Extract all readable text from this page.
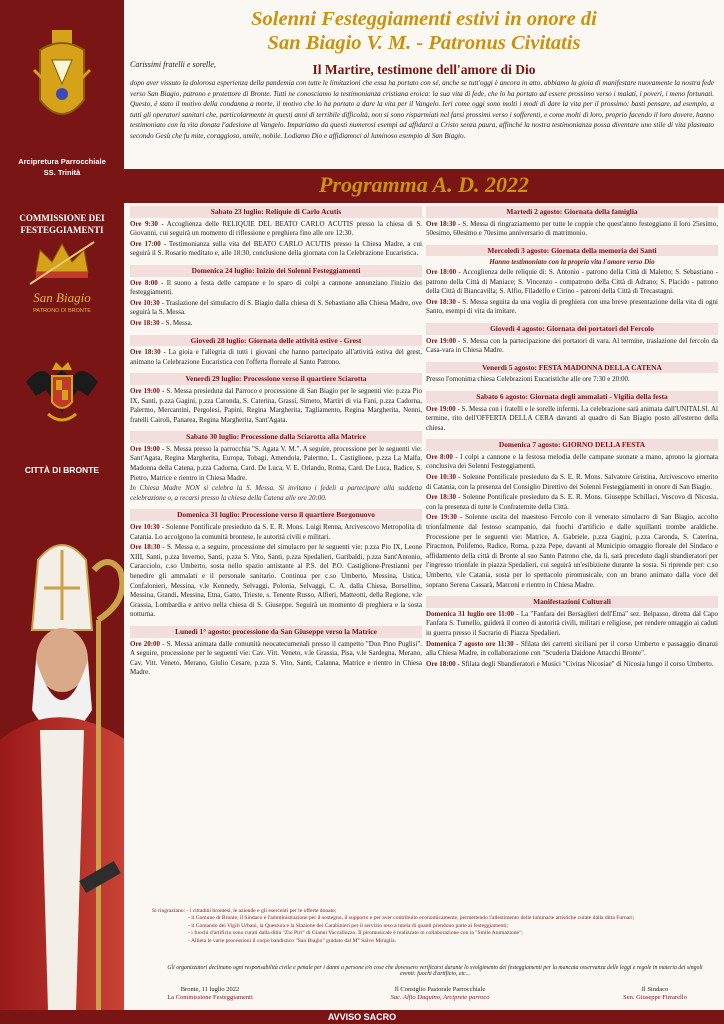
Arcipretura Parrocchiale
SS. Trinità
COMMISSIONE DEI
FESTEGGIAMENTI
San Biagio
PATRONO DI BRONTE
CITTÀ DI BRONTE
Solenni Festeggiamenti estivi in onore di
San Biagio V. M. - Patronus Civitatis
Carissimi fratelli e sorelle,	Il Martire, testimone dell'amore di Dio
dopo aver vissuto la dolorosa esperienza della pandemia con tutte le limitazioni che essa ha portato con sé, anche se tutt'oggi è ancora in atto, abbiamo la gioia di manifestare nuovamente la nostra fede verso San Biagio, patrono e protettore di Bronte. Tutti ne conosciamo la testimonianza cristiana eroica: la sua vita di fede, che lo ha portato ad essere prossimo verso i malati, i poveri, i meno fortunati. Questo, è stato il motivo della condanna a morte, il motivo che lo ha portato a dare la vita per il Vangelo. Ieri come oggi sono molti i modi di dare la vita per il prossimo: basti pensare, ad esempio, a tutti gli operatori sanitari che, particolarmente in questi anni di terribile difficoltà, non si sono risparmiati nel farsi prossimi verso i sofferenti, e come molti di loro, proprio facendo il loro dovere, hanno testimoniato con la vita donata l'adesione al Vangelo. Impariamo da questi numerosi esempi ad affidarci a Cristo senza paura, affinché la nostra testimonianza possa diventare uno stile di vita plasmato secondo Gesù che fu mite, coraggioso, umile, nobile. Lodiamo Dio e affidiamoci al luminoso esempio di San Biagio.
Programma A. D. 2022
Sabato 23 luglio: Reliquie di Carlo Acutis
Ore 9:30 - Accoglienza delle RELIQUIE DEL BEATO CARLO ACUTIS presso la chiesa di S. Giovanni, cui seguirà un momento di riflessione e preghiera fino alle ore 12:30.
Ore 17:00 - Testimonianza sulla vita del BEATO CARLO ACUTIS presso la Chiesa Madre, a cui seguirà il S. Rosario meditato e, alle 18:30, conclusione della giornata con la Celebrazione Eucaristica.
Domenica 24 luglio: Inizio dei Solenni Festeggiamenti
Ore 8:00 - Il suono a festa delle campane e lo sparo di colpi a cannone annunziano l'inizio dei festeggiamenti.
Ore 10:30 - Traslazione del simulacro di S. Biagio dalla chiesa di S. Sebastiano alla Chiesa Madre, ove seguirà la S. Messa.
Ore 18:30 - S. Messa.
Giovedì 28 luglio: Giornata delle attività estive - Grest
Ore 18:30 - La gioia e l'allegria di tutti i giovani che hanno partecipato all'attività estiva del grest, animano la Celebrazione Eucaristica con l'offerta floreale al Santo Patrono.
Venerdì 29 luglio: Processione verso il quartiere Sciarotta
Ore 19:00 - S. Messa presieduta dal Parroco e processione di San Biagio per le seguenti vie: p.zza Pio IX, Santi, p.zza Gagini, p.zza Caronda, S. Caterina, Grassi, Simeto, Martiri di via Fani, p.zza Cadorna, Palermo, Mercantini, Pergolesi, Papini, Regina Margherita, Tagliamento, Regina Margherita, Nenni, fratelli Cairoli, Panarea, Regina Margherita, Sant'Agata.
Sabato 30 luglio: Processione dalla Sciarotta alla Matrice
Ore 19:00 - S. Messa presso la parrocchia "S. Agata V. M.". A seguire, processione per le seguenti vie: Sant'Agata, Regina Margherita, Europa, Tobagi, Amendola, Palermo, L. Castiglione, p.zza La Malfa, Madonna della Catena, p.zza Cadorna, Card. De Luca, V. E. Orlando, Roma, Card. De Luca, Radice, S. Pietro, Matrice e rientro in Chiesa Madre.
In Chiesa Madre NON si celebra la S. Messa. Si invitano i fedeli a partecipare alla suddetta celebrazione o, a recarsi presso la chiesa della Catena alle ore 20:00.
Domenica 31 luglio: Processione verso il quartiere Borgonuovo
Ore 10:30 - Solenne Pontificale presieduto da S. E. R. Mons. Luigi Renna, Arcivescovo Metropolita di Catania. Lo accolgono la comunità brontese, le autorità civili e militari.
Ore 18:30 - S. Messa e, a seguire, processione del simulacro per le seguenti vie: p.zza Pio IX, Leone XIII, Santi, p.zza Inverno, Santi, p.zza S. Vito, Santi, p.zza Spedalieri, Garibaldi, p.zza Sant'Antonio, Caracciolo, c.so Umberto, sosta nello spazio antistante al P.S. del P.O. Castiglione-Prestianni per benedire gli ammalati e il personale sanitario. Continua per c.so Umberto, Messina, Ustica, Confalonieri, Messina, v.le Kennedy, Selvaggi, Polonia, Selvaggi, C. A. dalla Chiesa, Borsellino, Messina, Grandi, Messina, Etna, Gatto, Trieste, s. Tenente Russo, Alfieri, Matteotti, della Regione, v.le Grassia, Lombardia e arrivo nella chiesa di S. Giuseppe. Seguirà un momento di preghiera e la sosta notturna.
Lunedì 1° agosto: processione da San Giuseppe verso la Matrice
Ore 20:00 - S. Messa animata dalle comunità neocatecumenali presso il campetto "Don Pino Puglisi". A seguire, processione per le seguenti vie: Cav. Vitt. Veneto, v.le Grassia, Pisa, v.le Sardegna, Merano, Cav. Vitt. Veneto, Merano, Giulio Cesare, p.zza S. Vito, Santi, Calanna, Matrice e rientro in Chiesa Madre.
Martedì 2 agosto: Giornata della famiglia
Ore 18:30 - S. Messa di ringraziamento per tutte le coppie che quest'anno festeggiano il loro 25esimo, 50esimo, 60esimo e 70esimo anniversario di matrimonio.
Mercoledì 3 agosto: Giornata della memoria dei Santi
Hanno testimoniato con la propria vita l'amore verso Dio
Ore 18:00 - Accoglienza delle reliquie di: S. Antonio - patrono della Città di Maletto; S. Sebastiano - patrono della Città di Maniace; S. Vincenzo - compatrono della Città di Adrano; S. Placido - patrono della Città di Biancavilla; S. Alfio, Filadelfo e Cirino - patroni della Città di Trecastagni.
Ore 18:30 - S. Messa seguita da una veglia di preghiera con una breve presentazione della vita di ogni Santo, esempi di vita da imitare.
Giovedì 4 agosto: Giornata dei portatori del Fercolo
Ore 19:00 - S. Messa con la partecipazione dei portatori di vara. Al termine, traslazione del fercolo da Casa-vara in Chiesa Madre.
Venerdì 5 agosto: FESTA MADONNA DELLA CATENA
Presso l'omonima chiesa Celebrazioni Eucaristiche alle ore 7:30 e 20:00.
Sabato 6 agosto: Giornata degli ammalati - Vigilia della festa
Ore 19:00 - S. Messa con i fratelli e le sorelle infermi. La celebrazione sarà animata dall'UNITALSI. Al termine, rito dell'OFFERTA DELLA CERA davanti al quadro di San Biagio posto all'esterno della chiesa.
Domenica 7 agosto: GIORNO DELLA FESTA
Ore 8:00 - I colpi a cannone e la festosa melodia delle campane suonate a mano, aprono la giornata conclusiva dei Solenni Festeggiamenti.
Ore 10:30 - Solenne Pontificale presieduto da S. E. R. Mons. Salvatore Gristina, Arcivescovo emerito di Catania, con la presenza del Consiglio Direttivo dei Solenni Festeggiamenti in onore di San Biagio.
Ore 18:30 - Solenne Pontificale presieduto da S. E. R. Mons. Giuseppe Schillaci, Vescovo di Nicosia, con la presenza di tutte le Confraternite della Città.
Ore 19:30 - Solenne uscita del maestoso Fercolo con il venerato simulacro di San Biagio, accolto trionfalmente dal festoso scampanio, dai fuochi d'artificio e dalle squillanti trombe araldiche. Processione per le seguenti vie: Matrice, A. Gabriele, p.zza Gagini, p.zza Caronda, S. Caterina, Piracmon, Polifemo, Radice, Roma, p.zza Pepe, davanti al Municipio omaggio floreale del Sindaco e affidamento della città di Bronte al suo Santo Patrono che, da lì, sarà preceduto dagli sbandieratori per l'ingresso trionfale in piazza Spedalieri, cui seguirà un'esibizione durante la sosta. Si riprende per: c.so Umberto, v.le Catania, sosta per lo spettacolo piromusicale, con un brano animato dalla voce del soprano Serena Cassarà, Marconi e rientro in Chiesa Madre.
Manifestazioni Culturali
Domenica 31 luglio ore 11:00 - La "Fanfara dei Bersaglieri dell'Etna" sez. Belpasso, diretta dal Capo Fanfara S. Tumello, guiderà il corteo di autorità civili, militari e religiose, per rendere omaggio ai caduti in guerra presso il Sacrario di Piazza Spedalieri.
Domenica 7 agosto ore 11:30 - Sfilata dei carretti siciliani per il corso Umberto e passaggio dinanzi alla Chiesa Madre, in collaborazione con "Scuderia Daidone Attacchi Bronte".
Ore 18:00 - Sfilata degli Sbandieratori e Musici "Civitas Nicosiae" di Nicosia lungo il corso Umberto.
Si ringraziano: - i cittadini brontesi, le aziende e gli esercenti per le offerte donate;
- il Comune di Bronte, il Sindaco e l'amministrazione per il sostegno, il supporto e per aver contribuito economicamente, permettendo l'allestimento delle luminarie artistiche curate dalla ditta Furnari;
- il Comando dei Vigili Urbani, la Questura e la Stazione dei Carabinieri per il servizio reso a tutela di quanti prendono parte ai festeggiamenti;
- i fuochi d'artificio sono curati dalla ditta "Zio Pirr" di Gianni Vaccalluzzo. Il piromusicale è realizzato in collaborazione con la "Smile Animazione";
- Allieta le varie processioni il corpo bandistico "San Biagio" guidato dal M° Salvo Miraglia.
Gli organizzatori declinano ogni responsabilità civile e penale per i danni a persone e/o cose che dovessero verificarsi durante lo svolgimento dei festeggiamenti per la mancata osservanza delle leggi e regole in materia dei singoli eventi: fuochi d'artificio, etc...
Bronte, 11 luglio 2022
La Commissione Festeggiamenti
Il Consiglio Pastorale Parrocchiale
Sac. Alfio Daquino, Arciprete parroco
Il Sindaco
Sen. Giuseppe Firrarello
AVVISO SACRO
